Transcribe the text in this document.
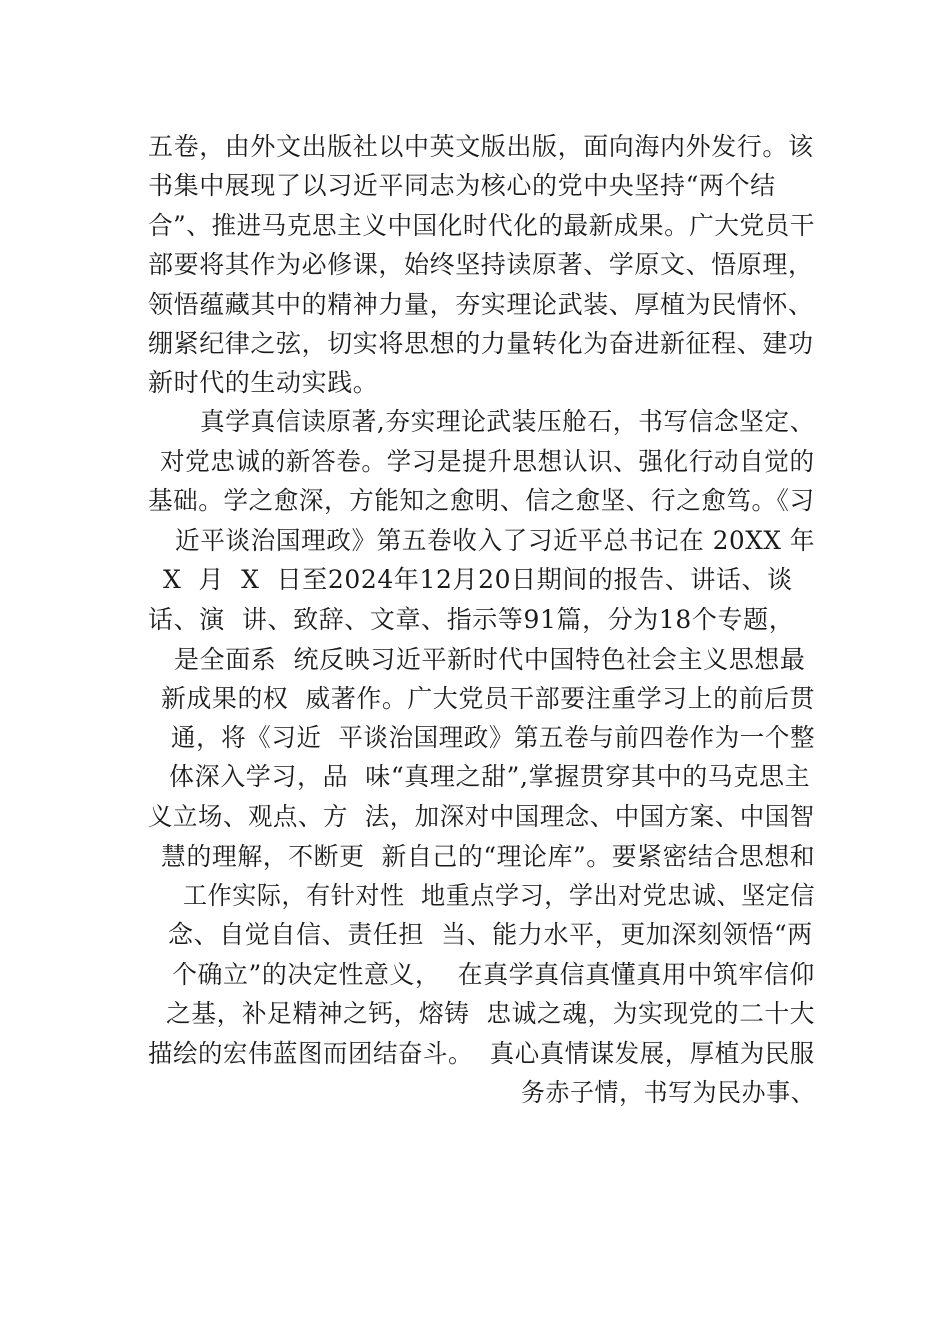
五卷，由外文出版社以中英文版出版，面向海内外发行。该
书集中展现了以习近平同志为核心的党中央坚持“两个结
合”、推进马克思主义中国化时代化的最新成果。广大党员干
部要将其作为必修课，始终坚持读原著、学原文、悟原理，
领悟蕴藏其中的精神力量，夯实理论武装、厚植为民情怀、
绷紧纪律之弦，切实将思想的力量转化为奋进新征程、建功
新时代的生动实践。
真学真信读原著,夯实理论武装压舱石，书写信念坚定、
对党忠诚的新答卷。学习是提升思想认识、强化行动自觉的
基础。学之愈深，方能知之愈明、信之愈坚、行之愈笃。《习
近平谈治国理政》第五卷收入了习近平总书记在 20XX 年
X  月  X  日至2024年12月20日期间的报告、讲话、谈
话、演  讲、致辞、文章、指示等91篇，分为18个专题，
是全面系  统反映习近平新时代中国特色社会主义思想最
新成果的权  威著作。广大党员干部要注重学习上的前后贯
通，将《习近  平谈治国理政》第五卷与前四卷作为一个整
体深入学习，品  味“真理之甜”,掌握贯穿其中的马克思主
义立场、观点、方  法，加深对中国理念、中国方案、中国智
慧的理解，不断更  新自己的“理论库”。要紧密结合思想和
工作实际，有针对性  地重点学习，学出对党忠诚、坚定信
念、自觉自信、责任担  当、能力水平，更加深刻领悟“两
个确立”的决定性意义，  在真学真信真懂真用中筑牢信仰
之基，补足精神之钙，熔铸  忠诚之魂，为实现党的二十大
描绘的宏伟蓝图而团结奋斗。  真心真情谋发展，厚植为民服
务赤子情，书写为民办事、
